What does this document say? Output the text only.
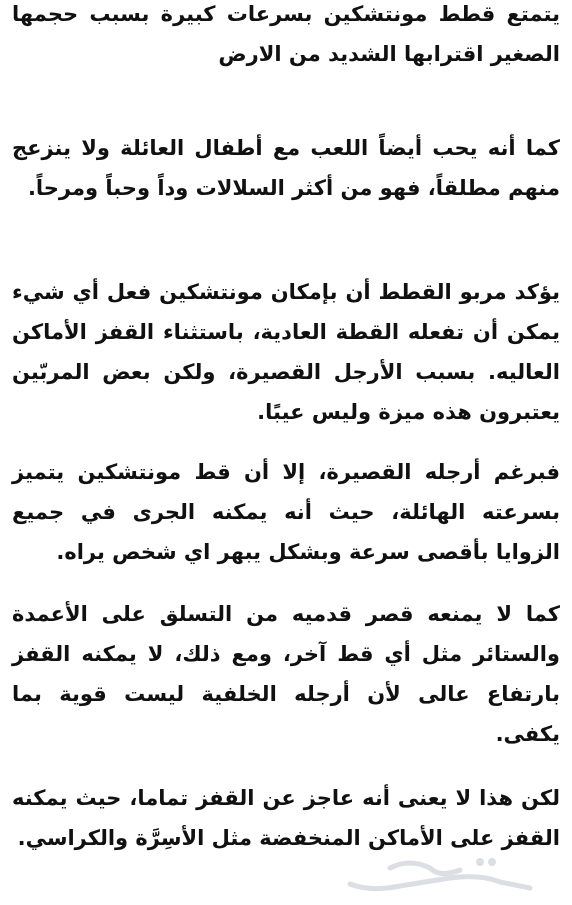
يتمتع قطط مونتشكين بسرعات كبيرة بسبب حجمها الصغير اقترابها الشديد من الارض

كما أنه يحب أيضاً اللعب مع أطفال العائلة ولا ينزعج منهم مطلقاً، فهو من أكثر السلالات وداً وحباً ومرحاً.

يؤكد مربو القطط أن بإمكان مونتشكين فعل أي شيء يمكن أن تفعله القطة العادية، باستثناء القفز الأماكن العاليه. بسبب الأرجل القصيرة، ولكن بعض المربّين يعتبرون هذه ميزة وليس عيبًا.

فبرغم أرجله القصيرة، إلا أن قط مونتشكين يتميز بسرعته الهائلة، حيث أنه يمكنه الجرى في جميع الزوايا بأقصى سرعة وبشكل يبهر اي شخص يراه.

كما لا يمنعه قصر قدميه من التسلق على الأعمدة والستائر مثل أي قط آخر، ومع ذلك، لا يمكنه القفز بارتفاع عالى لأن أرجله الخلفية ليست قوية بما يكفى.

لكن هذا لا يعنى أنه عاجز عن القفز تماما، حيث يمكنه القفز على الأماكن المنخفضة مثل الأسِرَّة والكراسي.
